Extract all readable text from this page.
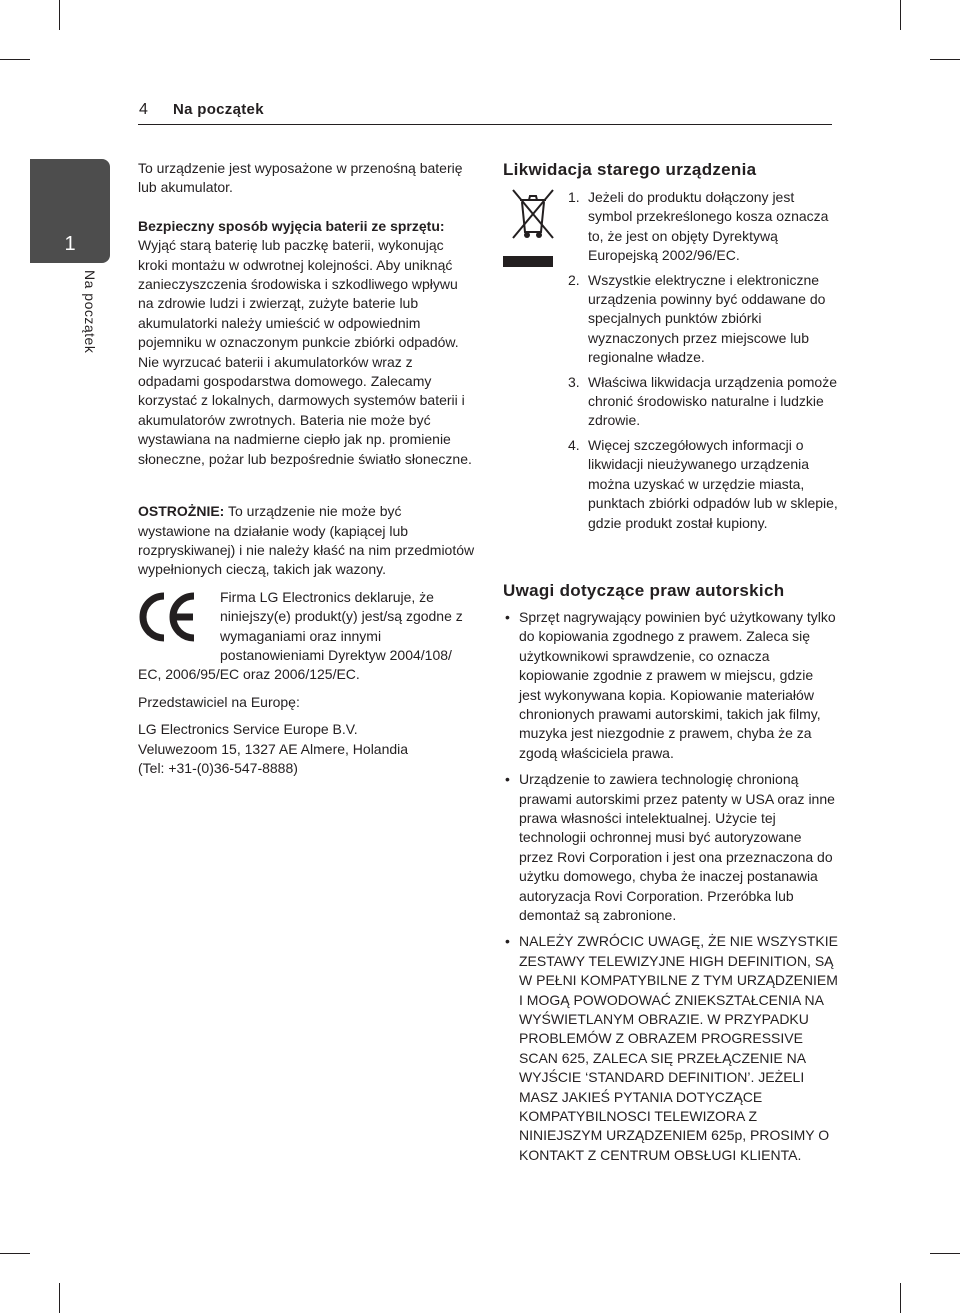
4 Na początek
1
Na początek

To urządzenie jest wyposażone w przenośną baterię lub akumulator.

Bezpieczny sposób wyjęcia baterii ze sprzętu:

Wyjąć starą baterię lub paczkę baterii, wykonując kroki montażu w odwrotnej kolejności. Aby uniknąć zanieczyszczenia środowiska i szkodliwego wpływu na zdrowie ludzi i zwierząt, zużyte baterie lub akumulatorki należy umieścić w odpowiednim pojemniku w oznaczonym punkcie zbiórki odpadów. Nie wyrzucać baterii i akumulatorków wraz z odpadami gospodarstwa domowego. Zalecamy korzystać z lokalnych, darmowych systemów baterii i akumulatorów zwrotnych. Bateria nie może być wystawiana na nadmierne ciepło jak np. promienie słoneczne, pożar lub bezpośrednie światło słoneczne.

OSTROŻNIE: To urządzenie nie może być wystawione na działanie wody (kapiącej lub rozpryskiwanej) i nie należy kłaść na nim przedmiotów wypełnionych cieczą, takich jak wazony.

Firma LG Electronics deklaruje, że niniejszy(e) produkt(y) jest/są zgodne z wymaganiami oraz innymi postanowieniami Dyrektyw 2004/108/

EC, 2006/95/EC oraz 2006/125/EC.

Przedstawiciel na Europę:

LG Electronics Service Europe B.V.

Veluwezoom 15, 1327 AE Almere, Holandia

(Tel: +31-(0)36-547-8888)

Likwidacja starego urządzenia

1. Jeżeli do produktu dołączony jest symbol przekreślonego kosza oznacza to, że jest on objęty Dyrektywą Europejską 2002/96/EC.
2. Wszystkie elektryczne i elektroniczne urządzenia powinny być oddawane do specjalnych punktów zbiórki wyznaczonych przez miejscowe lub regionalne władze.
3. Właściwa likwidacja urządzenia pomoże chronić środowisko naturalne i ludzkie zdrowie.
4. Więcej szczegółowych informacji o likwidacji nieużywanego urządzenia można uzyskać w urzędzie miasta, punktach zbiórki odpadów lub w sklepie, gdzie produkt został kupiony.

Uwagi dotyczące praw autorskich

• Sprzęt nagrywający powinien być użytkowany tylko do kopiowania zgodnego z prawem. Zaleca się użytkownikowi sprawdzenie, co oznacza kopiowanie zgodnie z prawem w miejscu, gdzie jest wykonywana kopia. Kopiowanie materiałów chronionych prawami autorskimi, takich jak filmy, muzyka jest niezgodnie z prawem, chyba że za zgodą właściciela prawa.
• Urządzenie to zawiera technologię chronioną prawami autorskimi przez patenty w USA oraz inne prawa własności intelektualnej. Użycie tej technologii ochronnej musi być autoryzowane przez Rovi Corporation i jest ona przeznaczona do użytku domowego, chyba że inaczej postanawia autoryzacja Rovi Corporation. Przeróbka lub demontaż są zabronione.
• NALEŻY ZWRÓCIC UWAGĘ, ŻE NIE WSZYSTKIE ZESTAWY TELEWIZYJNE HIGH DEFINITION, SĄ W PEŁNI KOMPATYBILNE Z TYM URZĄDZENIEM I MOGĄ POWODOWAĆ ZNIEKSZTAŁCENIA NA WYŚWIETLANYM OBRAZIE. W PRZYPADKU PROBLEMÓW Z OBRAZEM PROGRESSIVE SCAN 625, ZALECA SIĘ PRZEŁĄCZENIE NA WYJŚCIE ‘STANDARD DEFINITION’. JEŻELI MASZ JAKIEŚ PYTANIA DOTYCZĄCE KOMPATYBILNOSCI TELEWIZORA Z NINIEJSZYM URZĄDZENIEM 625p, PROSIMY O KONTAKT Z CENTRUM OBSŁUGI KLIENTA.
